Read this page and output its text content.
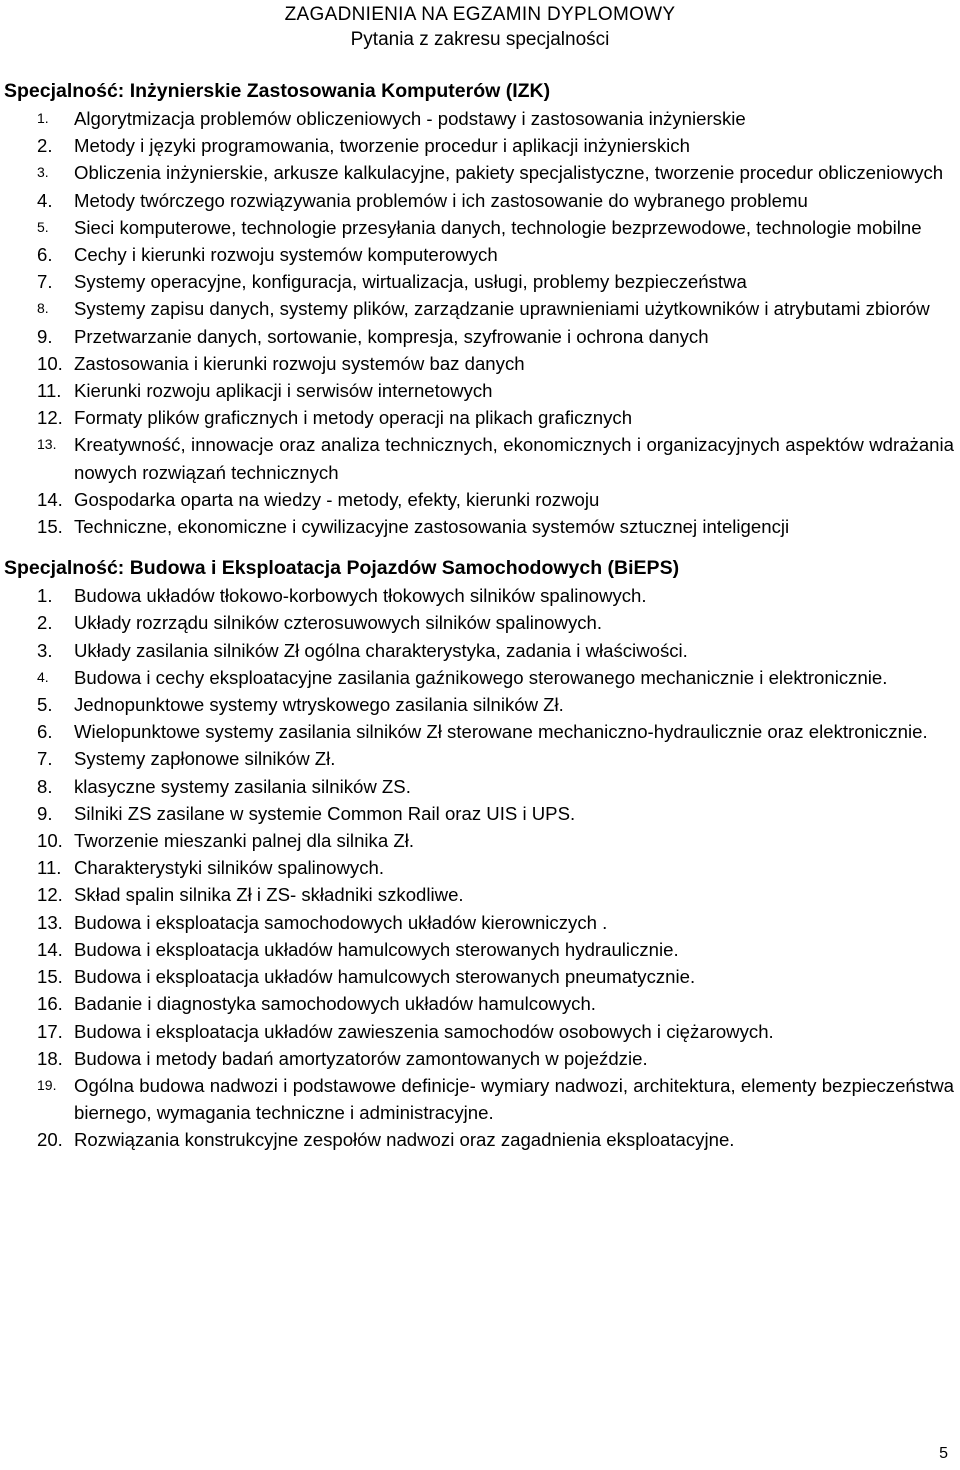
ZAGADNIENIA NA EGZAMIN DYPLOMOWY
Pytania z zakresu specjalności
Specjalność: Inżynierskie Zastosowania Komputerów (IZK)
1. Algorytmizacja problemów obliczeniowych - podstawy i zastosowania inżynierskie
2. Metody i języki programowania, tworzenie procedur i aplikacji inżynierskich
3. Obliczenia inżynierskie, arkusze kalkulacyjne, pakiety specjalistyczne, tworzenie procedur obliczeniowych
4. Metody twórczego rozwiązywania problemów i ich zastosowanie do wybranego problemu
5. Sieci komputerowe, technologie przesyłania danych, technologie bezprzewodowe, technologie mobilne
6. Cechy i kierunki rozwoju systemów komputerowych
7. Systemy operacyjne, konfiguracja, wirtualizacja, usługi, problemy bezpieczeństwa
8. Systemy zapisu danych, systemy plików, zarządzanie uprawnieniami użytkowników i atrybutami zbiorów
9. Przetwarzanie danych, sortowanie, kompresja, szyfrowanie i ochrona danych
10. Zastosowania i kierunki rozwoju systemów baz danych
11. Kierunki rozwoju aplikacji i serwisów internetowych
12. Formaty plików graficznych i metody operacji na plikach graficznych
13. Kreatywność, innowacje oraz analiza technicznych, ekonomicznych i organizacyjnych aspektów wdrażania nowych rozwiązań technicznych
14. Gospodarka oparta na wiedzy - metody, efekty, kierunki rozwoju
15. Techniczne, ekonomiczne i cywilizacyjne zastosowania systemów sztucznej inteligencji
Specjalność: Budowa i Eksploatacja Pojazdów Samochodowych (BiEPS)
1. Budowa układów tłokowo-korbowych tłokowych silników spalinowych.
2. Układy rozrządu silników czterosuwowych silników spalinowych.
3. Układy zasilania silników Zł ogólna charakterystyka, zadania i właściwości.
4. Budowa i cechy eksploatacyjne zasilania gaźnikowego sterowanego mechanicznie i elektronicznie.
5. Jednopunktowe systemy wtryskowego zasilania silników Zł.
6. Wielopunktowe systemy zasilania silników Zł sterowane mechaniczno-hydraulicznie oraz elektronicznie.
7. Systemy zapłonowe silników Zł.
8. klasyczne systemy zasilania silników ZS.
9. Silniki ZS zasilane w systemie Common Rail oraz UIS i UPS.
10. Tworzenie mieszanki palnej dla silnika Zł.
11. Charakterystyki silników spalinowych.
12. Skład spalin silnika Zł i ZS- składniki szkodliwe.
13. Budowa i eksploatacja samochodowych układów kierowniczych .
14. Budowa i eksploatacja układów hamulcowych sterowanych hydraulicznie.
15. Budowa i eksploatacja układów hamulcowych sterowanych pneumatycznie.
16. Badanie i diagnostyka samochodowych układów hamulcowych.
17. Budowa i eksploatacja układów zawieszenia samochodów osobowych i ciężarowych.
18. Budowa i metody badań amortyzatorów zamontowanych w pojeździe.
19. Ogólna budowa nadwozi i podstawowe definicje- wymiary nadwozi, architektura, elementy bezpieczeństwa biernego, wymagania techniczne i administracyjne.
20. Rozwiązania konstrukcyjne zespołów nadwozi oraz zagadnienia eksploatacyjne.
5
